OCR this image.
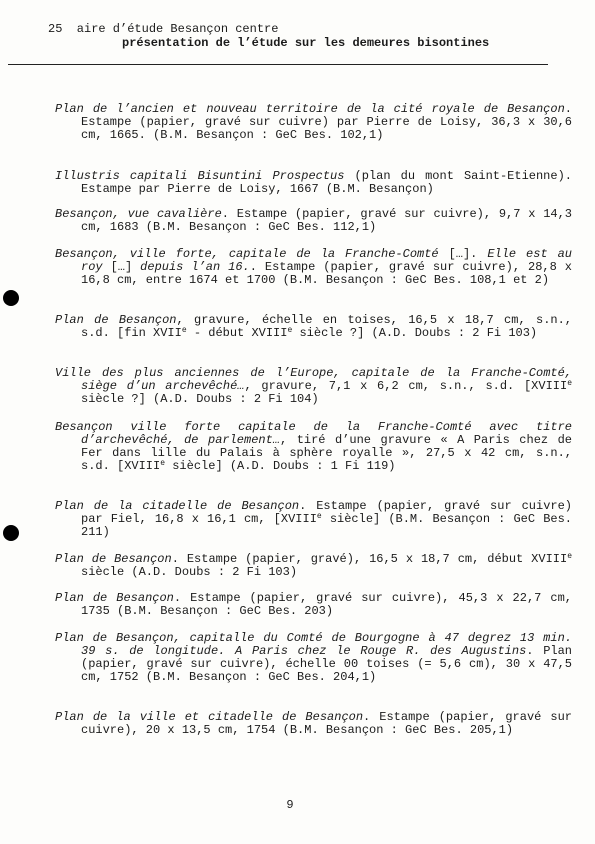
25  aire d’étude Besançon centre
présentation de l’étude sur les demeures bisontines
Plan de l’ancien et nouveau territoire de la cité royale de Besançon. Estampe (papier, gravé sur cuivre) par Pierre de Loisy, 36,3 x 30,6 cm, 1665. (B.M. Besançon : GeC Bes. 102,1)
Illustris capitali Bisuntini Prospectus (plan du mont Saint-Etienne). Estampe par Pierre de Loisy, 1667 (B.M. Besançon)
Besançon, vue cavalière. Estampe (papier, gravé sur cuivre), 9,7 x 14,3 cm, 1683 (B.M. Besançon : GeC Bes. 112,1)
Besançon, ville forte, capitale de la Franche-Comté […]. Elle est au roy […] depuis l’an 16.. Estampe (papier, gravé sur cuivre), 28,8 x 16,8 cm, entre 1674 et 1700 (B.M. Besançon : GeC Bes. 108,1 et 2)
Plan de Besançon, gravure, échelle en toises, 16,5 x 18,7 cm, s.n., s.d. [fin XVIIe - début XVIIIe siècle ?] (A.D. Doubs : 2 Fi 103)
Ville des plus anciennes de l’Europe, capitale de la Franche-Comté, siège d’un archevêché…, gravure, 7,1 x 6,2 cm, s.n., s.d. [XVIIIe siècle ?] (A.D. Doubs : 2 Fi 104)
Besançon ville forte capitale de la Franche-Comté avec titre d’archevêché, de parlement…, tiré d’une gravure « A Paris chez de Fer dans lille du Palais à sphère royalle », 27,5 x 42 cm, s.n., s.d. [XVIIIe siècle] (A.D. Doubs : 1 Fi 119)
Plan de la citadelle de Besançon. Estampe (papier, gravé sur cuivre) par Fiel, 16,8 x 16,1 cm, [XVIIIe siècle] (B.M. Besançon : GeC Bes. 211)
Plan de Besançon. Estampe (papier, gravé), 16,5 x 18,7 cm, début XVIIIe siècle (A.D. Doubs : 2 Fi 103)
Plan de Besançon. Estampe (papier, gravé sur cuivre), 45,3 x 22,7 cm, 1735 (B.M. Besançon : GeC Bes. 203)
Plan de Besançon, capitalle du Comté de Bourgogne à 47 degrez 13 min. 39 s. de longitude. A Paris chez le Rouge R. des Augustins. Plan (papier, gravé sur cuivre), échelle 00 toises (= 5,6 cm), 30 x 47,5 cm, 1752 (B.M. Besançon : GeC Bes. 204,1)
Plan de la ville et citadelle de Besançon. Estampe (papier, gravé sur cuivre), 20 x 13,5 cm, 1754 (B.M. Besançon : GeC Bes. 205,1)
9
